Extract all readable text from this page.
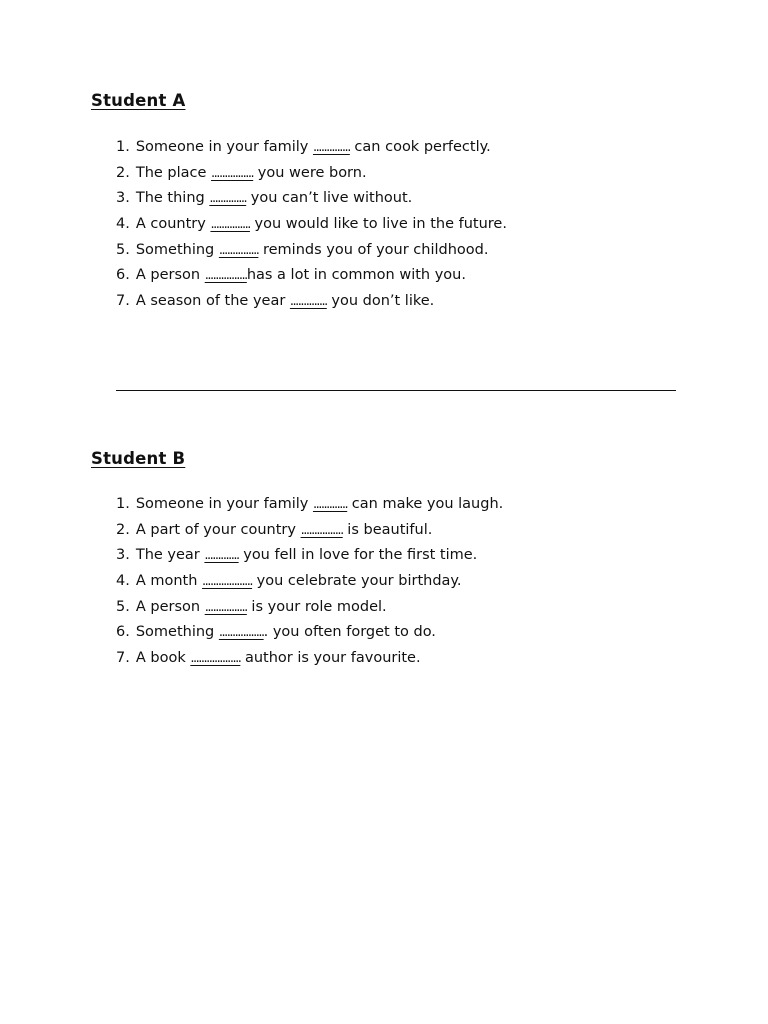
Student A
1. Someone in your family .............. can cook perfectly.
2. The place ................ you were born.
3. The thing .............. you can’t live without.
4. A country ............... you would like to live in the future.
5. Something ............... reminds you of your childhood.
6. A person ................has a lot in common with you.
7. A season of the year .............. you don’t like.
Student B
1. Someone in your family ............. can make you laugh.
2. A part of your country ................ is beautiful.
3. The year ............. you fell in love for the first time.
4. A month ................... you celebrate your birthday.
5. A person ................ is your role model.
6. Something .................. you often forget to do.
7. A book ................... author is your favourite.
